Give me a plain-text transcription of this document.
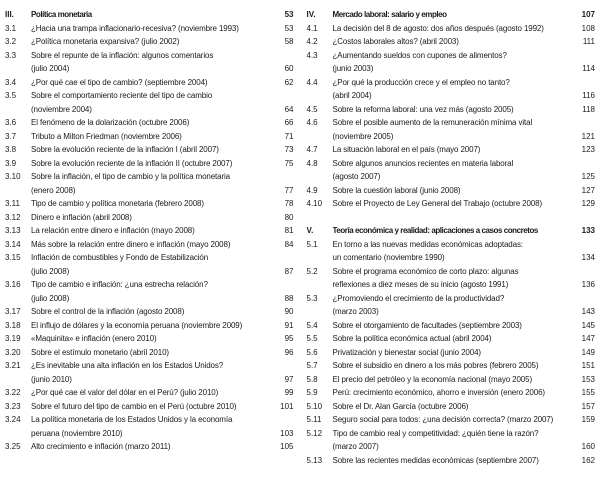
III.	Política monetaria	53
3.1	¿Hacia una trampa inflacionario-recesiva? (noviembre 1993)	53
3.2	¿Política monetaria expansiva? (julio 2002)	58
3.3	Sobre el repunte de la inflación: algunos comentarios
(julio 2004)	60
3.4	¿Por qué cae el tipo de cambio? (septiembre 2004)	62
3.5	Sobre el comportamiento reciente del tipo de cambio
(noviembre 2004)	64
3.6	El fenómeno de la dolarización (octubre 2006)	66
3.7	Tributo a Milton Friedman (noviembre 2006)	71
3.8	Sobre la evolución reciente de la inflación I (abril 2007)	73
3.9	Sobre la evolución reciente de la inflación II (octubre 2007)	75
3.10	Sobre la inflación, el tipo de cambio y la política monetaria
(enero 2008)	77
3.11	Tipo de cambio y política monetaria (febrero 2008)	78
3.12	Dinero e inflación (abril 2008)	80
3.13	La relación entre dinero e inflación (mayo 2008)	81
3.14	Más sobre la relación entre dinero e inflación (mayo 2008)	84
3.15	Inflación de combustibles y Fondo de Estabilización
(julio 2008)	87
3.16	Tipo de cambio e inflación: ¿una estrecha relación?
(julio 2008)	88
3.17	Sobre el control de la inflación (agosto 2008)	90
3.18	El influjo de dólares y la economía peruana (noviembre 2009)	91
3.19	«Maquinita» e inflación (enero 2010)	95
3.20	Sobre el estímulo monetario (abril 2010)	96
3.21	¿Es inevitable una alta inflación en los Estados Unidos?
(junio 2010)	97
3.22	¿Por qué cae el valor del dólar en el Perú? (julio 2010)	99
3.23	Sobre el futuro del tipo de cambio en el Perú (octubre 2010)	101
3.24	La política monetaria de los Estados Unidos y la economía
peruana (noviembre 2010)	103
3.25	Alto crecimiento e inflación (marzo 2011)	105
IV.	Mercado laboral: salario y empleo	107
4.1	La decisión del 8 de agosto: dos años después (agosto 1992)	108
4.2	¿Costos laborales altos? (abril 2003)	111
4.3	¿Aumentando sueldos con cupones de alimentos?
(junio 2003)	114
4.4	¿Por qué la producción crece y el empleo no tanto?
(abril 2004)	116
4.5	Sobre la reforma laboral: una vez más (agosto 2005)	118
4.6	Sobre el posible aumento de la remuneración mínima vital
(noviembre 2005)	121
4.7	La situación laboral en el país (mayo 2007)	123
4.8	Sobre algunos anuncios recientes en materia laboral
(agosto 2007)	125
4.9	Sobre la cuestión laboral (junio 2008)	127
4.10	Sobre el Proyecto de Ley General del Trabajo (octubre 2008)	129
V.	Teoría económica y realidad: aplicaciones a casos concretos	133
5.1	En torno a las nuevas medidas económicas adoptadas:
un comentario (noviembre 1990)	134
5.2	Sobre el programa económico de corto plazo: algunas
reflexiones a diez meses de su inicio (agosto 1991)	136
5.3	¿Promoviendo el crecimiento de la productividad?
(marzo 2003)	143
5.4	Sobre el otorgamiento de facultades (septiembre 2003)	145
5.5	Sobre la política económica actual (abril 2004)	147
5.6	Privatización y bienestar social (junio 2004)	149
5.7	Sobre el subsidio en dinero a los más pobres (febrero 2005)	151
5.8	El precio del petróleo y la economía nacional (mayo 2005)	153
5.9	Perú: crecimiento económico, ahorro e inversión (enero 2006)	155
5.10	Sobre el Dr. Alan García (octubre 2006)	157
5.11	Seguro social para todos: ¿una decisión correcta? (marzo 2007)	159
5.12	Tipo de cambio real y competitividad: ¿quién tiene la razón?
(marzo 2007)	160
5.13	Sobre las recientes medidas económicas (septiembre 2007)	162
